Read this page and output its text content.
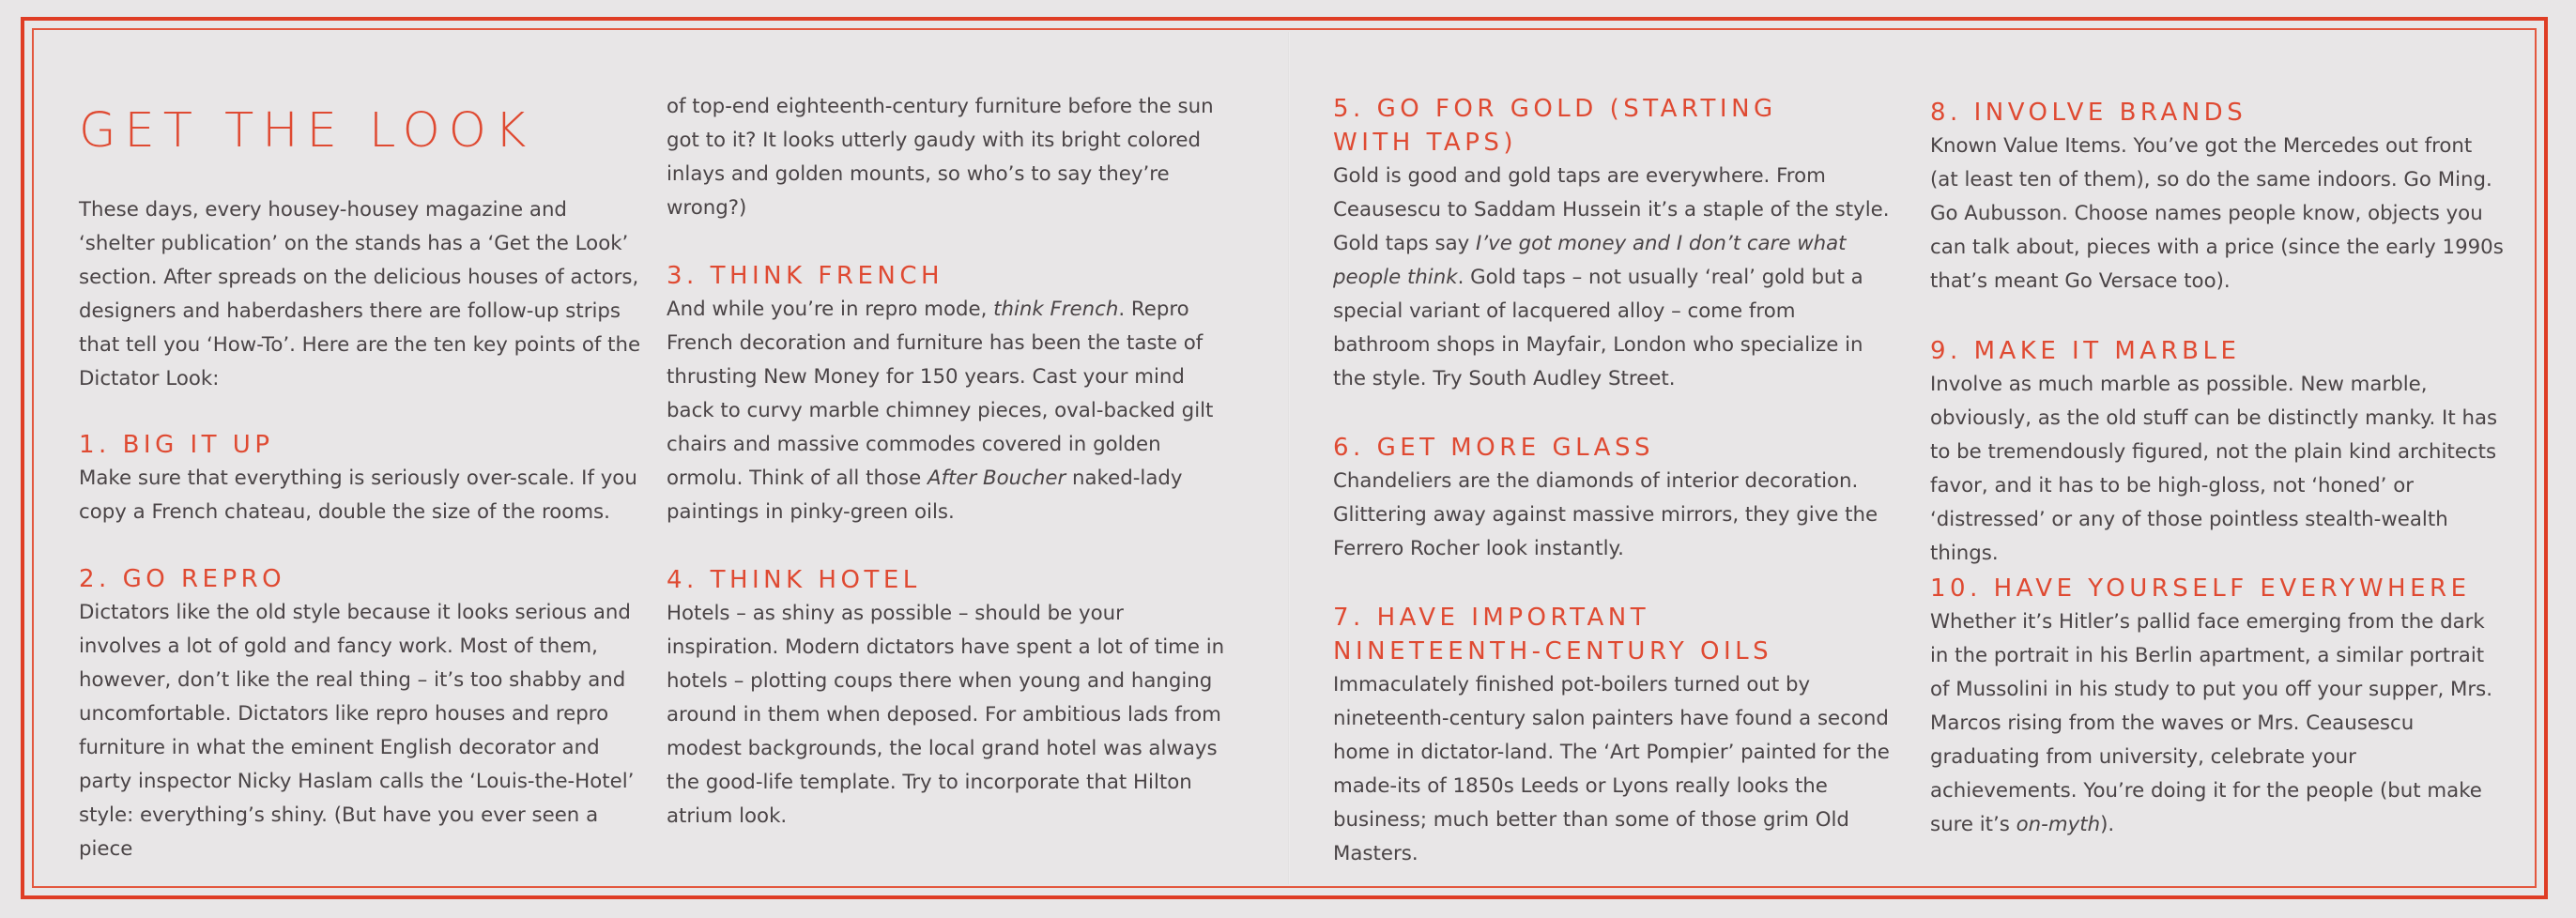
GET THE LOOK

These days, every housey-housey magazine and ‘shelter publication’ on the stands has a ‘Get the Look’ section. After spreads on the delicious houses of actors, designers and haberdashers there are follow-up strips that tell you ‘How-To’. Here are the ten key points of the Dictator Look:

1. BIG IT UP

Make sure that everything is seriously over-scale. If you copy a French chateau, double the size of the rooms.

2. GO REPRO

Dictators like the old style because it looks serious and involves a lot of gold and fancy work. Most of them, however, don’t like the real thing – it’s too shabby and uncomfortable. Dictators like repro houses and repro furniture in what the eminent English decorator and party inspector Nicky Haslam calls the ‘Louis-the-Hotel’ style: everything’s shiny. (But have you ever seen a piece

of top-end eighteenth-century furniture before the sun got to it? It looks utterly gaudy with its bright colored inlays and golden mounts, so who’s to say they’re wrong?)

3. THINK FRENCH

And while you’re in repro mode, think French. Repro French decoration and furniture has been the taste of thrusting New Money for 150 years. Cast your mind back to curvy marble chimney pieces, oval-backed gilt chairs and massive commodes covered in golden ormolu. Think of all those After Boucher naked-lady paintings in pinky-green oils.

4. THINK HOTEL

Hotels – as shiny as possible – should be your inspiration. Modern dictators have spent a lot of time in hotels – plotting coups there when young and hanging around in them when deposed. For ambitious lads from modest backgrounds, the local grand hotel was always the good-life template. Try to incorporate that Hilton atrium look.

5. GO FOR GOLD (STARTING WITH TAPS)

Gold is good and gold taps are everywhere. From Ceausescu to Saddam Hussein it’s a staple of the style. Gold taps say I’ve got money and I don’t care what people think. Gold taps – not usually ‘real’ gold but a special variant of lacquered alloy – come from bathroom shops in Mayfair, London who specialize in the style. Try South Audley Street.

6. GET MORE GLASS

Chandeliers are the diamonds of interior decoration. Glittering away against massive mirrors, they give the Ferrero Rocher look instantly.

7. HAVE IMPORTANT NINETEENTH-CENTURY OILS

Immaculately finished pot-boilers turned out by nineteenth-century salon painters have found a second home in dictator-land. The ‘Art Pompier’ painted for the made-its of 1850s Leeds or Lyons really looks the business; much better than some of those grim Old Masters.

8. INVOLVE BRANDS

Known Value Items. You’ve got the Mercedes out front (at least ten of them), so do the same indoors. Go Ming. Go Aubusson. Choose names people know, objects you can talk about, pieces with a price (since the early 1990s that’s meant Go Versace too).

9. MAKE IT MARBLE

Involve as much marble as possible. New marble, obviously, as the old stuff can be distinctly manky. It has to be tremendously figured, not the plain kind architects favor, and it has to be high-gloss, not ‘honed’ or ‘distressed’ or any of those pointless stealth-wealth things.

10. HAVE YOURSELF EVERYWHERE

Whether it’s Hitler’s pallid face emerging from the dark in the portrait in his Berlin apartment, a similar portrait of Mussolini in his study to put you off your supper, Mrs. Marcos rising from the waves or Mrs. Ceausescu graduating from university, celebrate your achievements. You’re doing it for the people (but make sure it’s on-myth).
